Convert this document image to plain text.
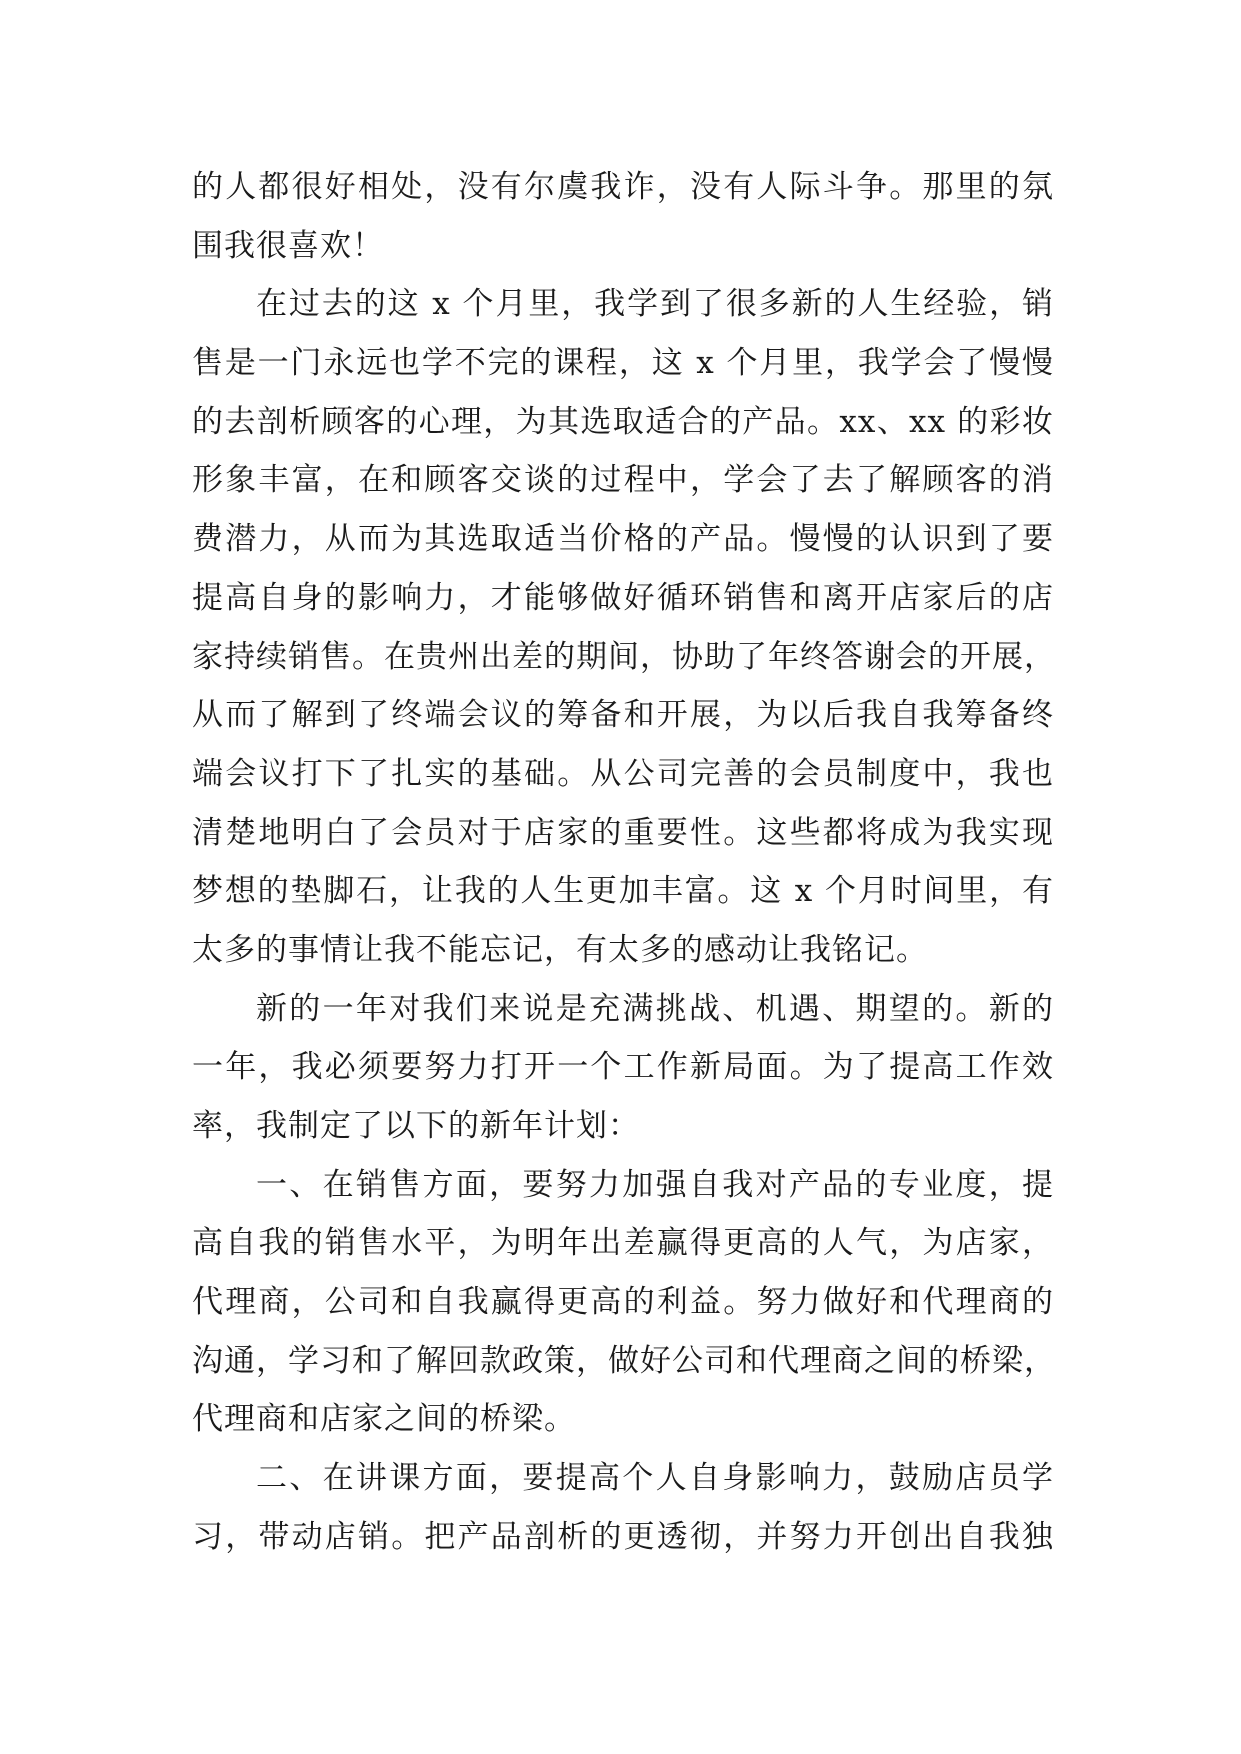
的人都很好相处，没有尔虞我诈，没有人际斗争。那里的氛
围我很喜欢！
在过去的这 x 个月里，我学到了很多新的人生经验，销
售是一门永远也学不完的课程，这 x 个月里，我学会了慢慢
的去剖析顾客的心理，为其选取适合的产品。xx、xx 的彩妆
形象丰富，在和顾客交谈的过程中，学会了去了解顾客的消
费潜力，从而为其选取适当价格的产品。慢慢的认识到了要
提高自身的影响力，才能够做好循环销售和离开店家后的店
家持续销售。在贵州出差的期间，协助了年终答谢会的开展，
从而了解到了终端会议的筹备和开展，为以后我自我筹备终
端会议打下了扎实的基础。从公司完善的会员制度中，我也
清楚地明白了会员对于店家的重要性。这些都将成为我实现
梦想的垫脚石，让我的人生更加丰富。这 x 个月时间里，有
太多的事情让我不能忘记，有太多的感动让我铭记。
新的一年对我们来说是充满挑战、机遇、期望的。新的
一年，我必须要努力打开一个工作新局面。为了提高工作效
率，我制定了以下的新年计划：
一、在销售方面，要努力加强自我对产品的专业度，提
高自我的销售水平，为明年出差赢得更高的人气，为店家，
代理商，公司和自我赢得更高的利益。努力做好和代理商的
沟通，学习和了解回款政策，做好公司和代理商之间的桥梁，
代理商和店家之间的桥梁。
二、在讲课方面，要提高个人自身影响力，鼓励店员学
习，带动店销。把产品剖析的更透彻，并努力开创出自我独
